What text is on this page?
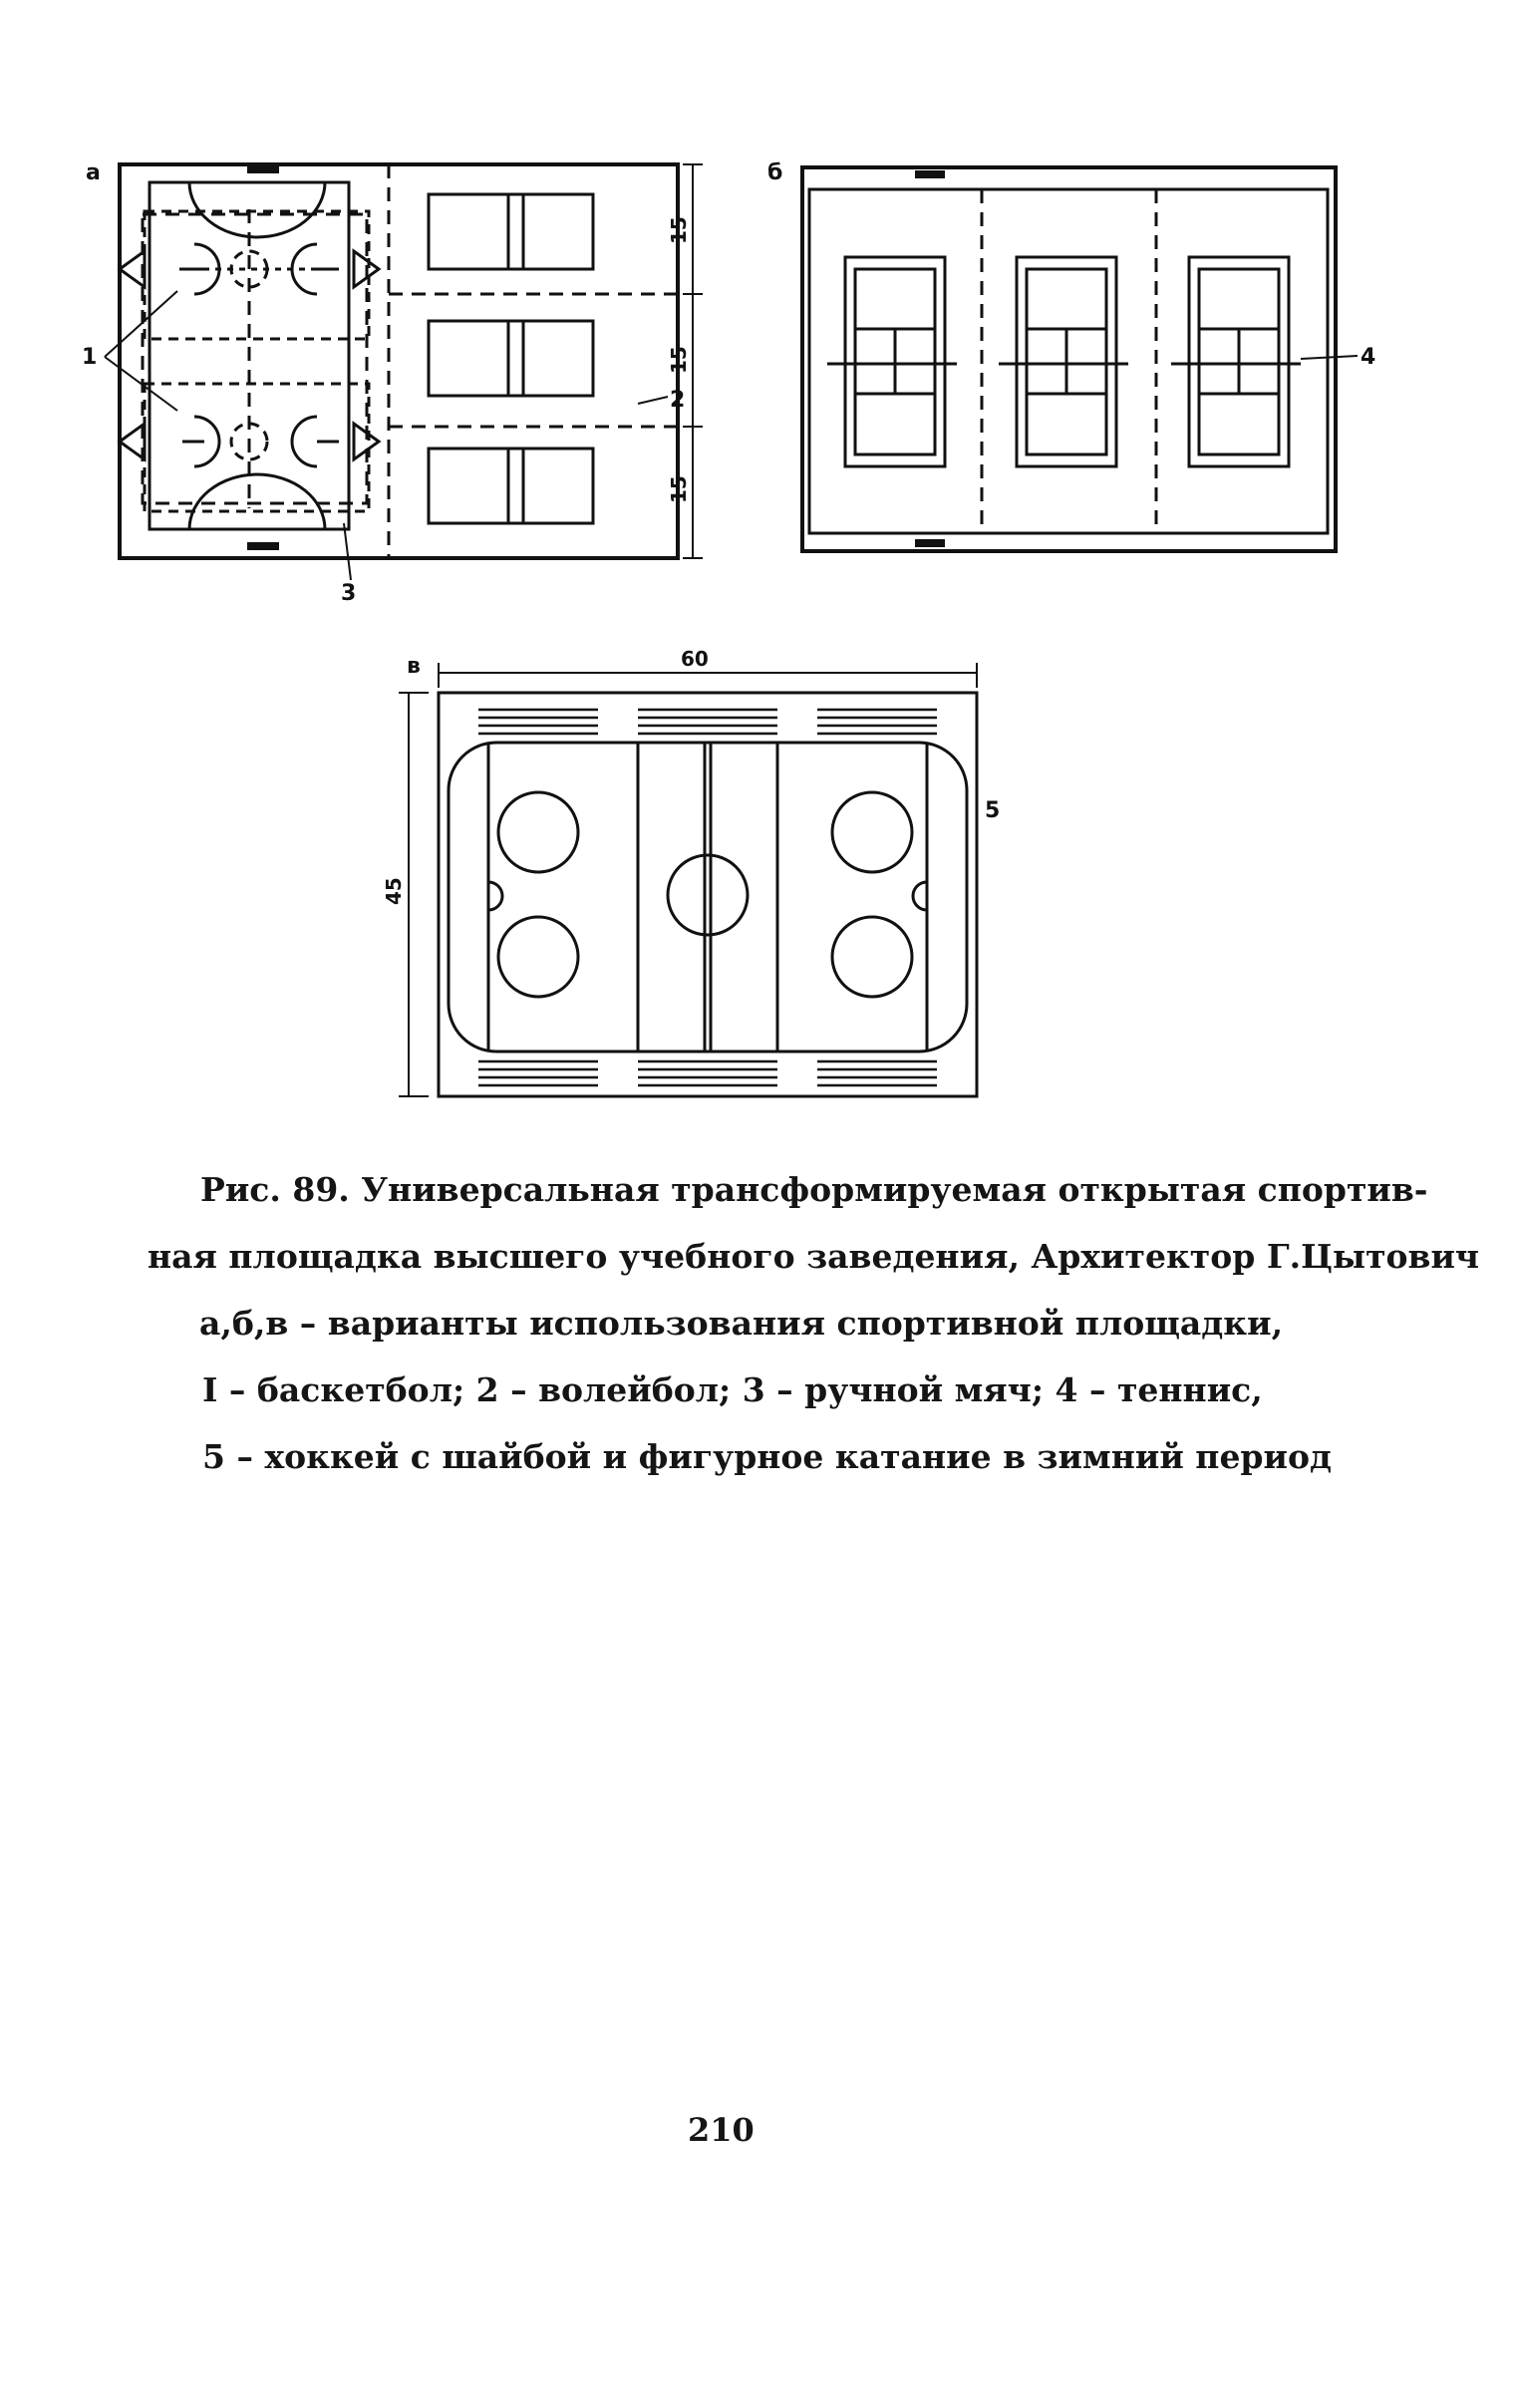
а
1
2
3
15
15
15
б
4
в	60
45
5
Рис. 89. Универсальная трансформируемая открытая спортив-
ная площадка высшего учебного заведения, Архитектор Г.Цытович
а,б,в – варианты использования спортивной площадки,
I – баскетбол; 2 – волейбол; 3 – ручной мяч; 4 – теннис,
5 – хоккей с шайбой и фигурное катание в зимний период
210
